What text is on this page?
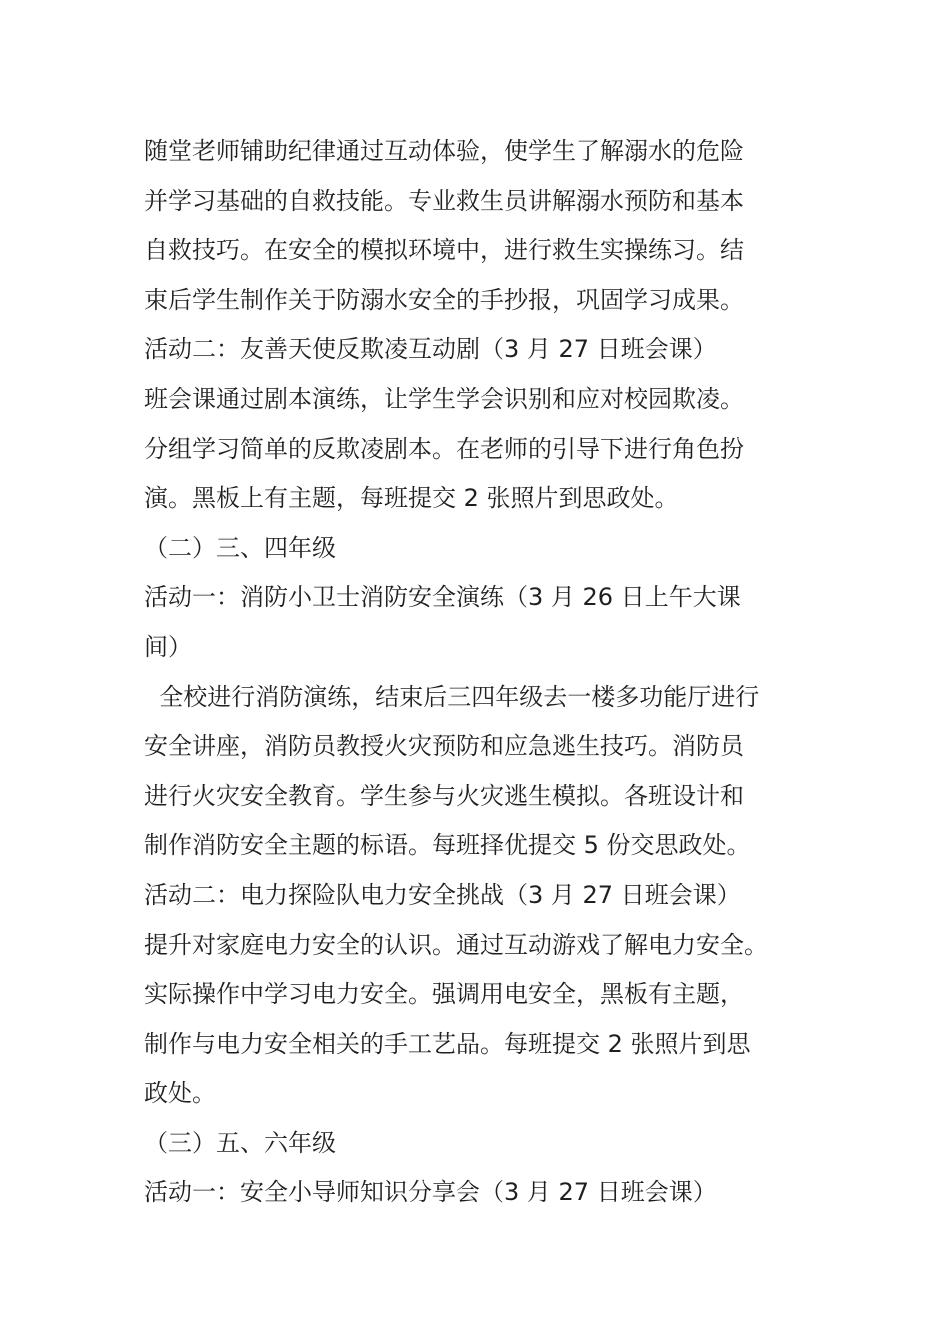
随堂老师铺助纪律通过互动体验，使学生了解溺水的危险
并学习基础的自救技能。专业救生员讲解溺水预防和基本
自救技巧。在安全的模拟环境中，进行救生实操练习。结
束后学生制作关于防溺水安全的手抄报，巩固学习成果。
活动二：友善天使反欺凌互动剧（3 月 27 日班会课）
班会课通过剧本演练，让学生学会识别和应对校园欺凌。
分组学习简单的反欺凌剧本。在老师的引导下进行角色扮
演。黑板上有主题，每班提交 2 张照片到思政处。
（二）三、四年级
活动一：消防小卫士消防安全演练（3 月 26 日上午大课
间）
全校进行消防演练，结束后三四年级去一楼多功能厅进行
安全讲座，消防员教授火灾预防和应急逃生技巧。消防员
进行火灾安全教育。学生参与火灾逃生模拟。各班设计和
制作消防安全主题的标语。每班择优提交 5 份交思政处。
活动二：电力探险队电力安全挑战（3 月 27 日班会课）
提升对家庭电力安全的认识。通过互动游戏了解电力安全。
实际操作中学习电力安全。强调用电安全，黑板有主题，
制作与电力安全相关的手工艺品。每班提交 2 张照片到思
政处。
（三）五、六年级
活动一：安全小导师知识分享会（3 月 27 日班会课）
